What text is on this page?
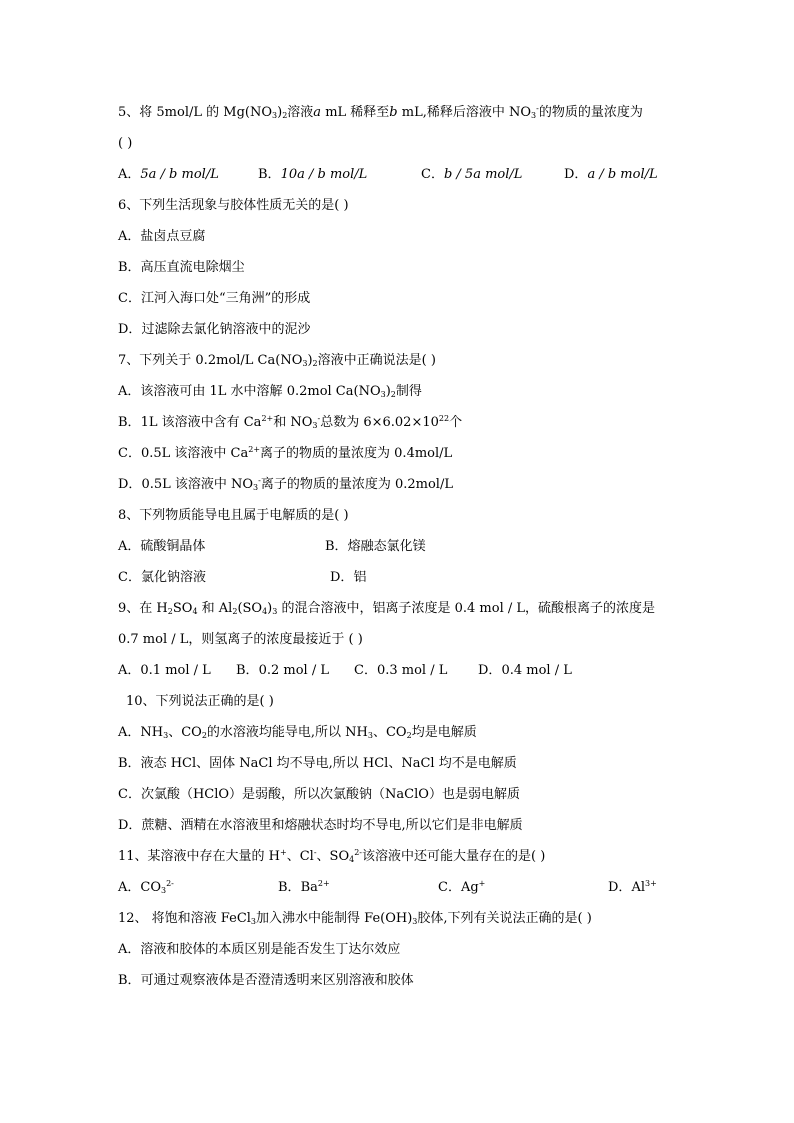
5、将 5mol/L 的 $Mg(NO_3)_2$溶液a mL 稀释至b mL,稀释后溶液中 $NO_3^-$的物质的量浓度为
( )
A．5a / b mol/L	B．10a / b mol/L	C．b / 5a mol/L	D．a / b mol/L
6、下列生活现象与胶体性质无关的是( )
A．盐卤点豆腐
B．高压直流电除烟尘
C．江河入海口处“三角洲”的形成
D．过滤除去氯化钠溶液中的泥沙
7、下列关于 0.2mol/L $Ca(NO_3)_2$溶液中正确说法是( )
A．该溶液可由 1L 水中溶解 0.2mol $Ca(NO_3)_2$制得
B．1L 该溶液中含有 $Ca^{2+}$和 $NO_3^-$总数为 $6\times 6.02\times 10^{22}$个
C．0.5L 该溶液中 $Ca^{2+}$离子的物质的量浓度为 0.4mol/L
D．0.5L 该溶液中 $NO_3^-$离子的物质的量浓度为 0.2mol/L
8、下列物质能导电且属于电解质的是( )
A．硫酸铜晶体	B．熔融态氯化镁
C．氯化钠溶液	D．铝
9、在 $H_2SO_4$ 和 $Al_2(SO_4)_3$ 的混合溶液中，铝离子浓度是 0.4 mol / L，硫酸根离子的浓度是
0.7 mol / L，则氢离子的浓度最接近于 ( )
A．0.1 mol / L B．0.2 mol / L C．0.3 mol / L D．0.4 mol / L
10、下列说法正确的是( )
A．$NH_3$、$CO_2$的水溶液均能导电,所以 $NH_3$、$CO_2$均是电解质
B．液态 HCl、固体 NaCl 均不导电,所以 HCl、NaCl 均不是电解质
C．次氯酸（HClO）是弱酸，所以次氯酸钠（NaClO）也是弱电解质
D．蔗糖、酒精在水溶液里和熔融状态时均不导电,所以它们是非电解质
11、某溶液中存在大量的 H+、Cl-、$SO_4^{2-}$该溶液中还可能大量存在的是( )
A．$CO_3^{2-}$	B．$Ba^{2+}$	C．Ag+	D．$Al^{3+}$
12、 将饱和溶液 FeCl$_3$加入沸水中能制得 $Fe(OH)_3$胶体,下列有关说法正确的是( )
A．溶液和胶体的本质区别是能否发生丁达尔效应
B．可通过观察液体是否澄清透明来区别溶液和胶体
